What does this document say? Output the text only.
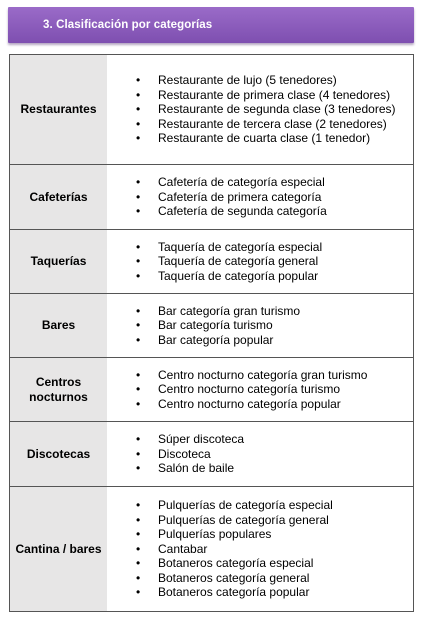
3. Clasificación por categorías
Restaurantes
• Restaurante de lujo (5 tenedores)
• Restaurante de primera clase (4 tenedores)
• Restaurante de segunda clase (3 tenedores)
• Restaurante de tercera clase (2 tenedores)
• Restaurante de cuarta clase (1 tenedor)
Cafeterías
• Cafetería de categoría especial
• Cafetería de primera categoría
• Cafetería de segunda categoría
Taquerías
• Taquería de categoría especial
• Taquería de categoría general
• Taquería de categoría popular
Bares
• Bar categoría gran turismo
• Bar categoría turismo
• Bar categoría popular
Centros nocturnos
• Centro nocturno categoría gran turismo
• Centro nocturno categoría turismo
• Centro nocturno categoría popular
Discotecas
• Súper discoteca
• Discoteca
• Salón de baile
Cantina / bares
• Pulquerías de categoría especial
• Pulquerías de categoría general
• Pulquerías populares
• Cantabar
• Botaneros categoría especial
• Botaneros categoría general
• Botaneros categoría popular
